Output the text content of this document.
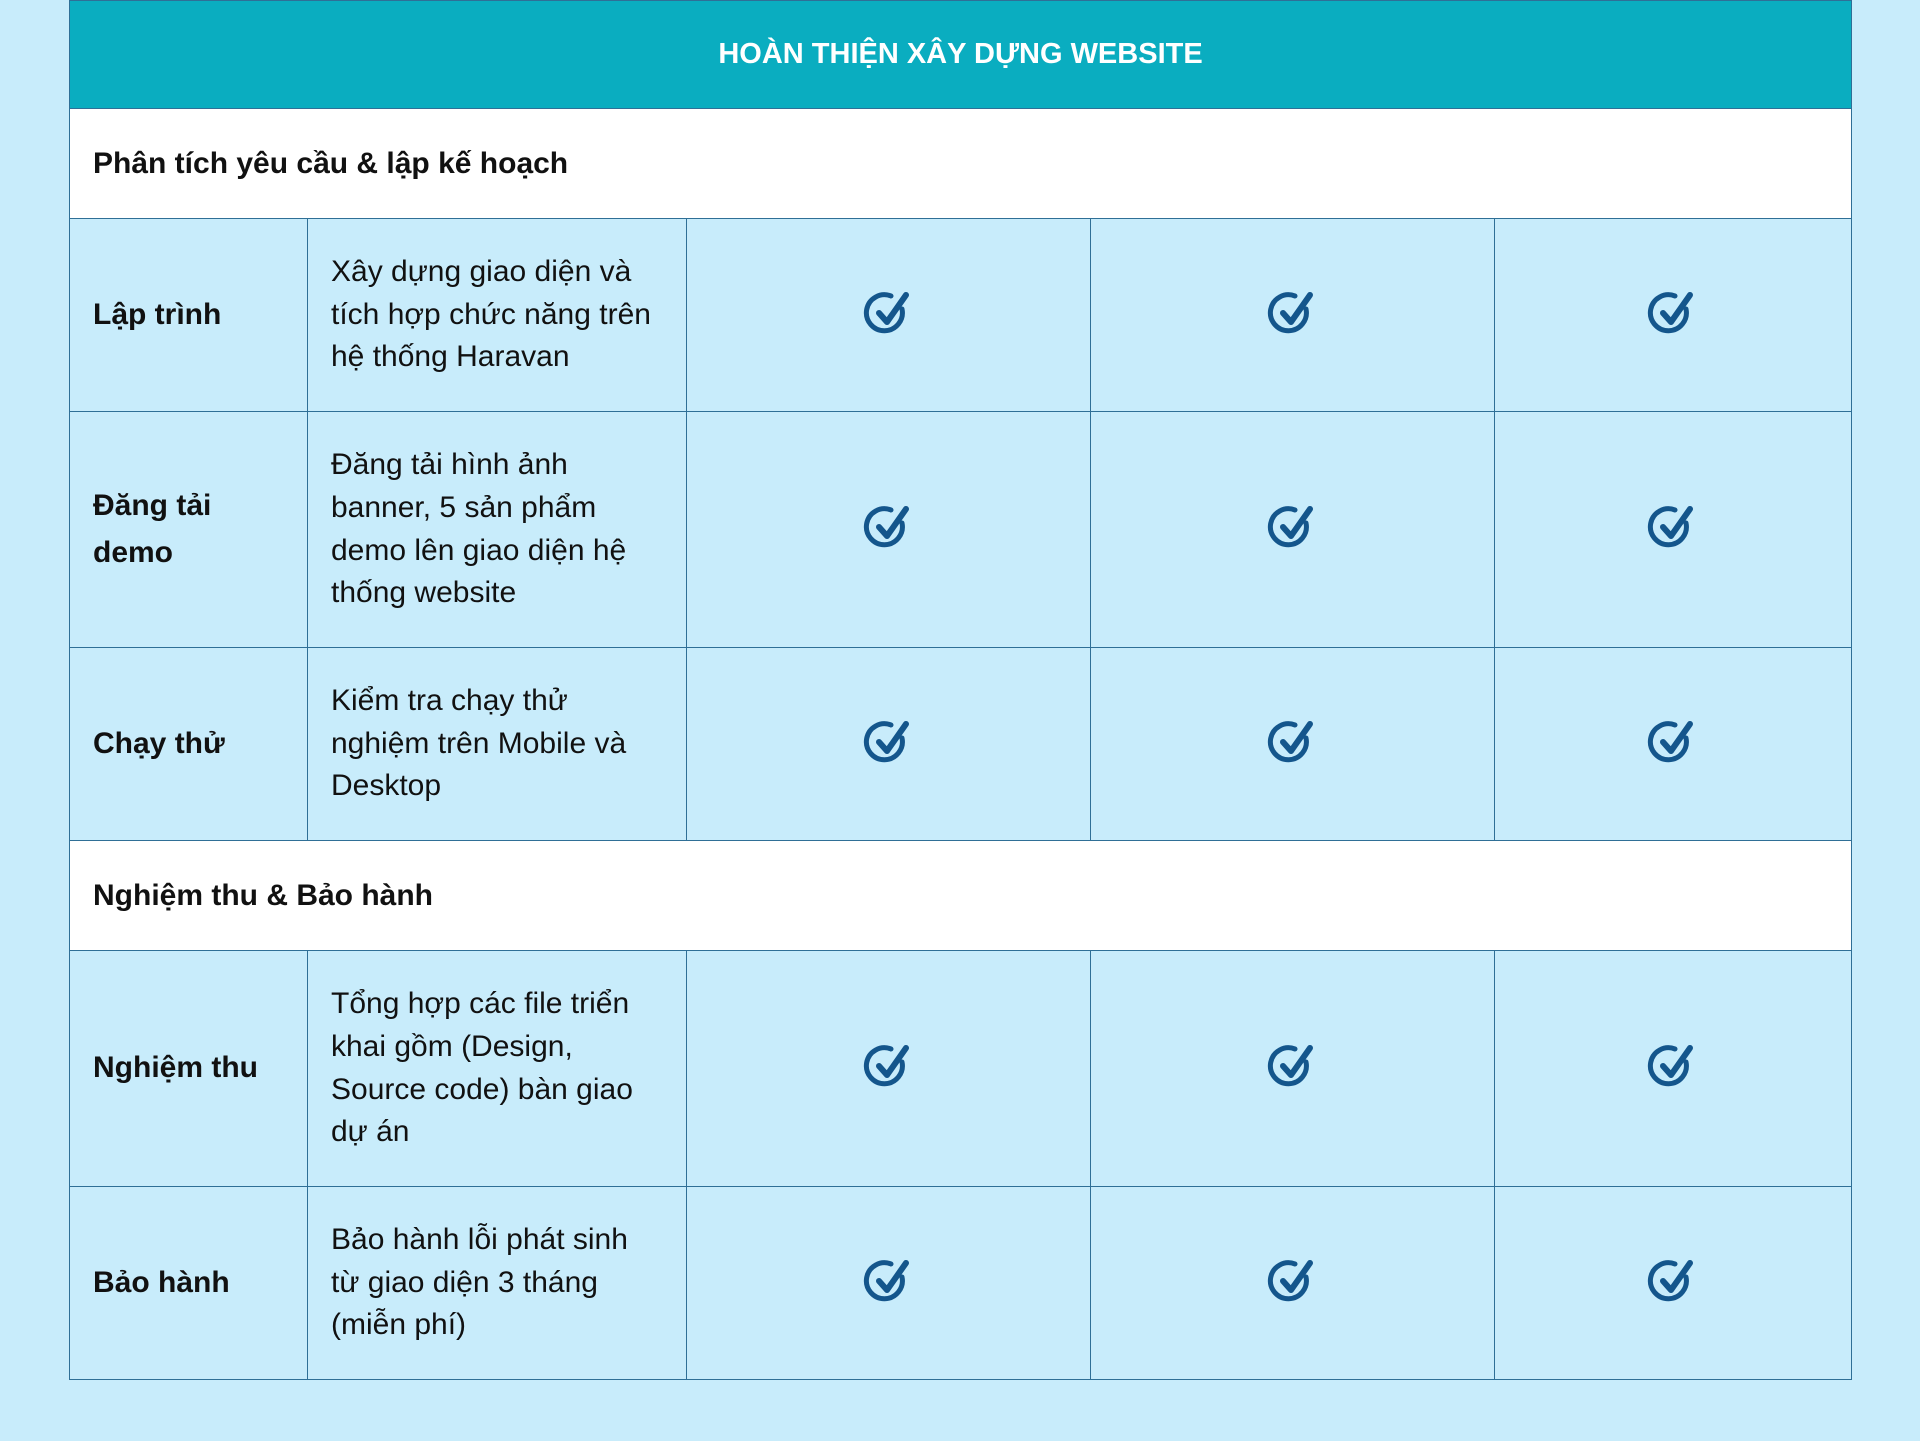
HOÀN THIỆN XÂY DỰNG WEBSITE				
Phân tích yêu cầu & lập kế hoạch				
Lập trình	Xây dựng giao diện và tích hợp chức năng trên hệ thống Haravan			
Đăng tải demo	Đăng tải hình ảnh banner, 5 sản phẩm demo lên giao diện hệ thống website			
Chạy thử	Kiểm tra chạy thử nghiệm trên Mobile và Desktop			
Nghiệm thu & Bảo hành				
Nghiệm thu	Tổng hợp các file triển khai gồm (Design, Source code) bàn giao dự án			
Bảo hành	Bảo hành lỗi phát sinh từ giao diện 3 tháng (miễn phí)			
